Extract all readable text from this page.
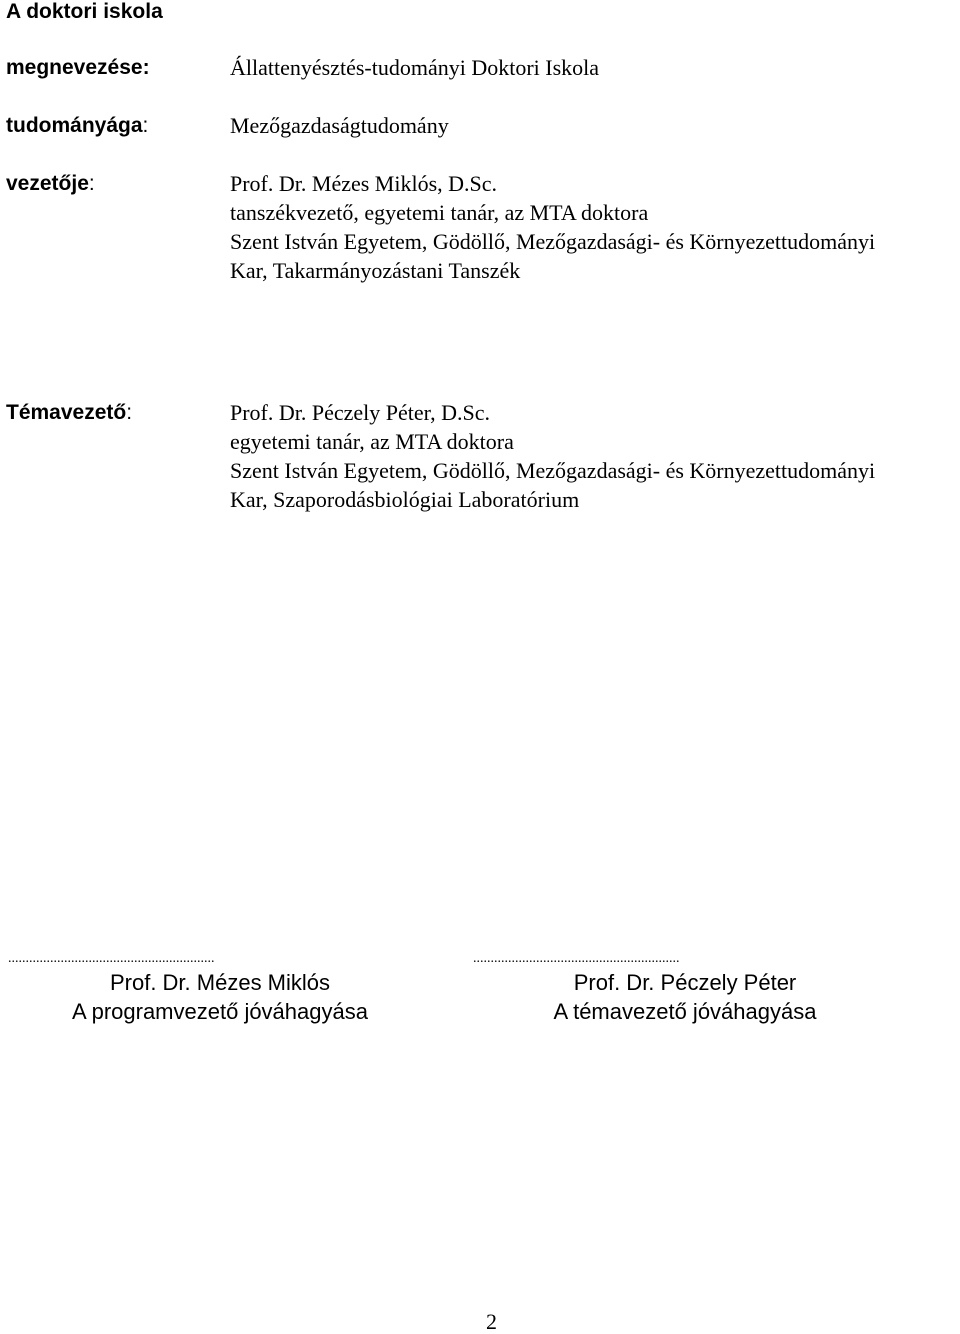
A doktori iskola
megnevezése:	Állattenyésztés-tudományi Doktori Iskola
tudományága:	Mezőgazdaságtudomány
vezetője:	Prof. Dr. Mézes Miklós, D.Sc.
tanszékvezető, egyetemi tanár, az MTA doktora
Szent István Egyetem, Gödöllő, Mezőgazdasági- és Környezettudományi
Kar, Takarmányozástani Tanszék
Témavezető:	Prof. Dr. Péczely Péter, D.Sc.
egyetemi tanár, az MTA doktora
Szent István Egyetem, Gödöllő, Mezőgazdasági- és Környezettudományi
Kar, Szaporodásbiológiai Laboratórium
...........................................................
Prof. Dr. Mézes Miklós
A programvezető jóváhagyása
...........................................................
Prof. Dr. Péczely Péter
A témavezető jóváhagyása
2
